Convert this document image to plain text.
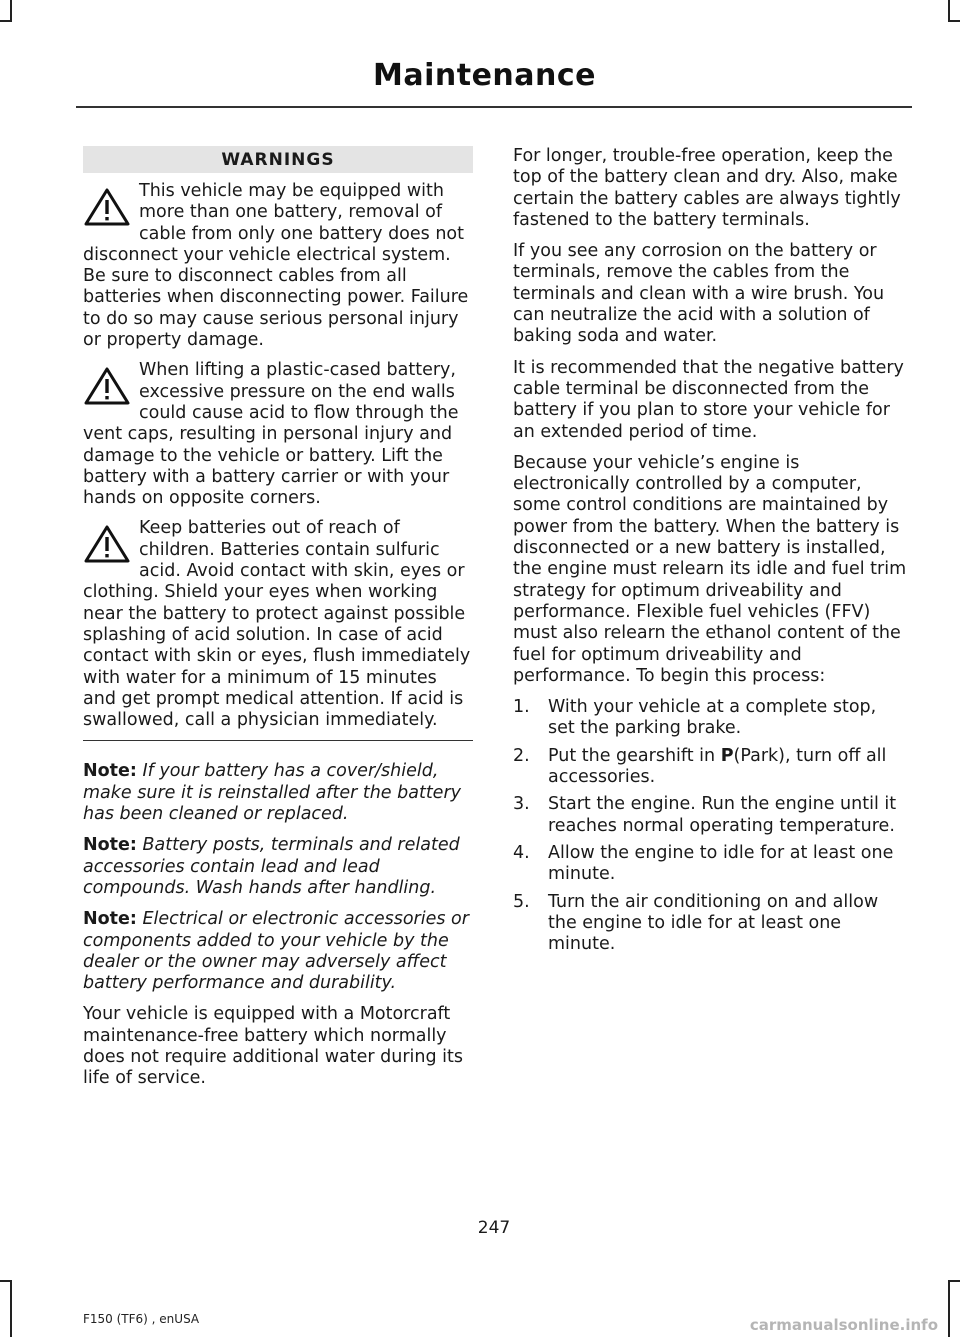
Maintenance
WARNINGS
This vehicle may be equipped with more than one battery, removal of cable from only one battery does not disconnect your vehicle electrical system. Be sure to disconnect cables from all batteries when disconnecting power. Failure to do so may cause serious personal injury or property damage.
When lifting a plastic-cased battery, excessive pressure on the end walls could cause acid to flow through the vent caps, resulting in personal injury and damage to the vehicle or battery. Lift the battery with a battery carrier or with your hands on opposite corners.
Keep batteries out of reach of children. Batteries contain sulfuric acid. Avoid contact with skin, eyes or clothing. Shield your eyes when working near the battery to protect against possible splashing of acid solution. In case of acid contact with skin or eyes, flush immediately with water for a minimum of 15 minutes and get prompt medical attention. If acid is swallowed, call a physician immediately.

Note: If your battery has a cover/shield, make sure it is reinstalled after the battery has been cleaned or replaced.

Note: Battery posts, terminals and related accessories contain lead and lead compounds. Wash hands after handling.

Note: Electrical or electronic accessories or components added to your vehicle by the dealer or the owner may adversely affect battery performance and durability.

Your vehicle is equipped with a Motorcraft maintenance-free battery which normally does not require additional water during its life of service.

For longer, trouble-free operation, keep the top of the battery clean and dry. Also, make certain the battery cables are always tightly fastened to the battery terminals.

If you see any corrosion on the battery or terminals, remove the cables from the terminals and clean with a wire brush. You can neutralize the acid with a solution of baking soda and water.

It is recommended that the negative battery cable terminal be disconnected from the battery if you plan to store your vehicle for an extended period of time.

Because your vehicle’s engine is electronically controlled by a computer, some control conditions are maintained by power from the battery. When the battery is disconnected or a new battery is installed, the engine must relearn its idle and fuel trim strategy for optimum driveability and performance. Flexible fuel vehicles (FFV) must also relearn the ethanol content of the fuel for optimum driveability and performance. To begin this process:

1.	With your vehicle at a complete stop, set the parking brake.
2.	Put the gearshift in P(Park), turn off all accessories.
3.	Start the engine. Run the engine until it reaches normal operating temperature.
4.	Allow the engine to idle for at least one minute.
5.	Turn the air conditioning on and allow the engine to idle for at least one minute.
247
F150 (TF6) , enUSA	carmanualsonline.info
